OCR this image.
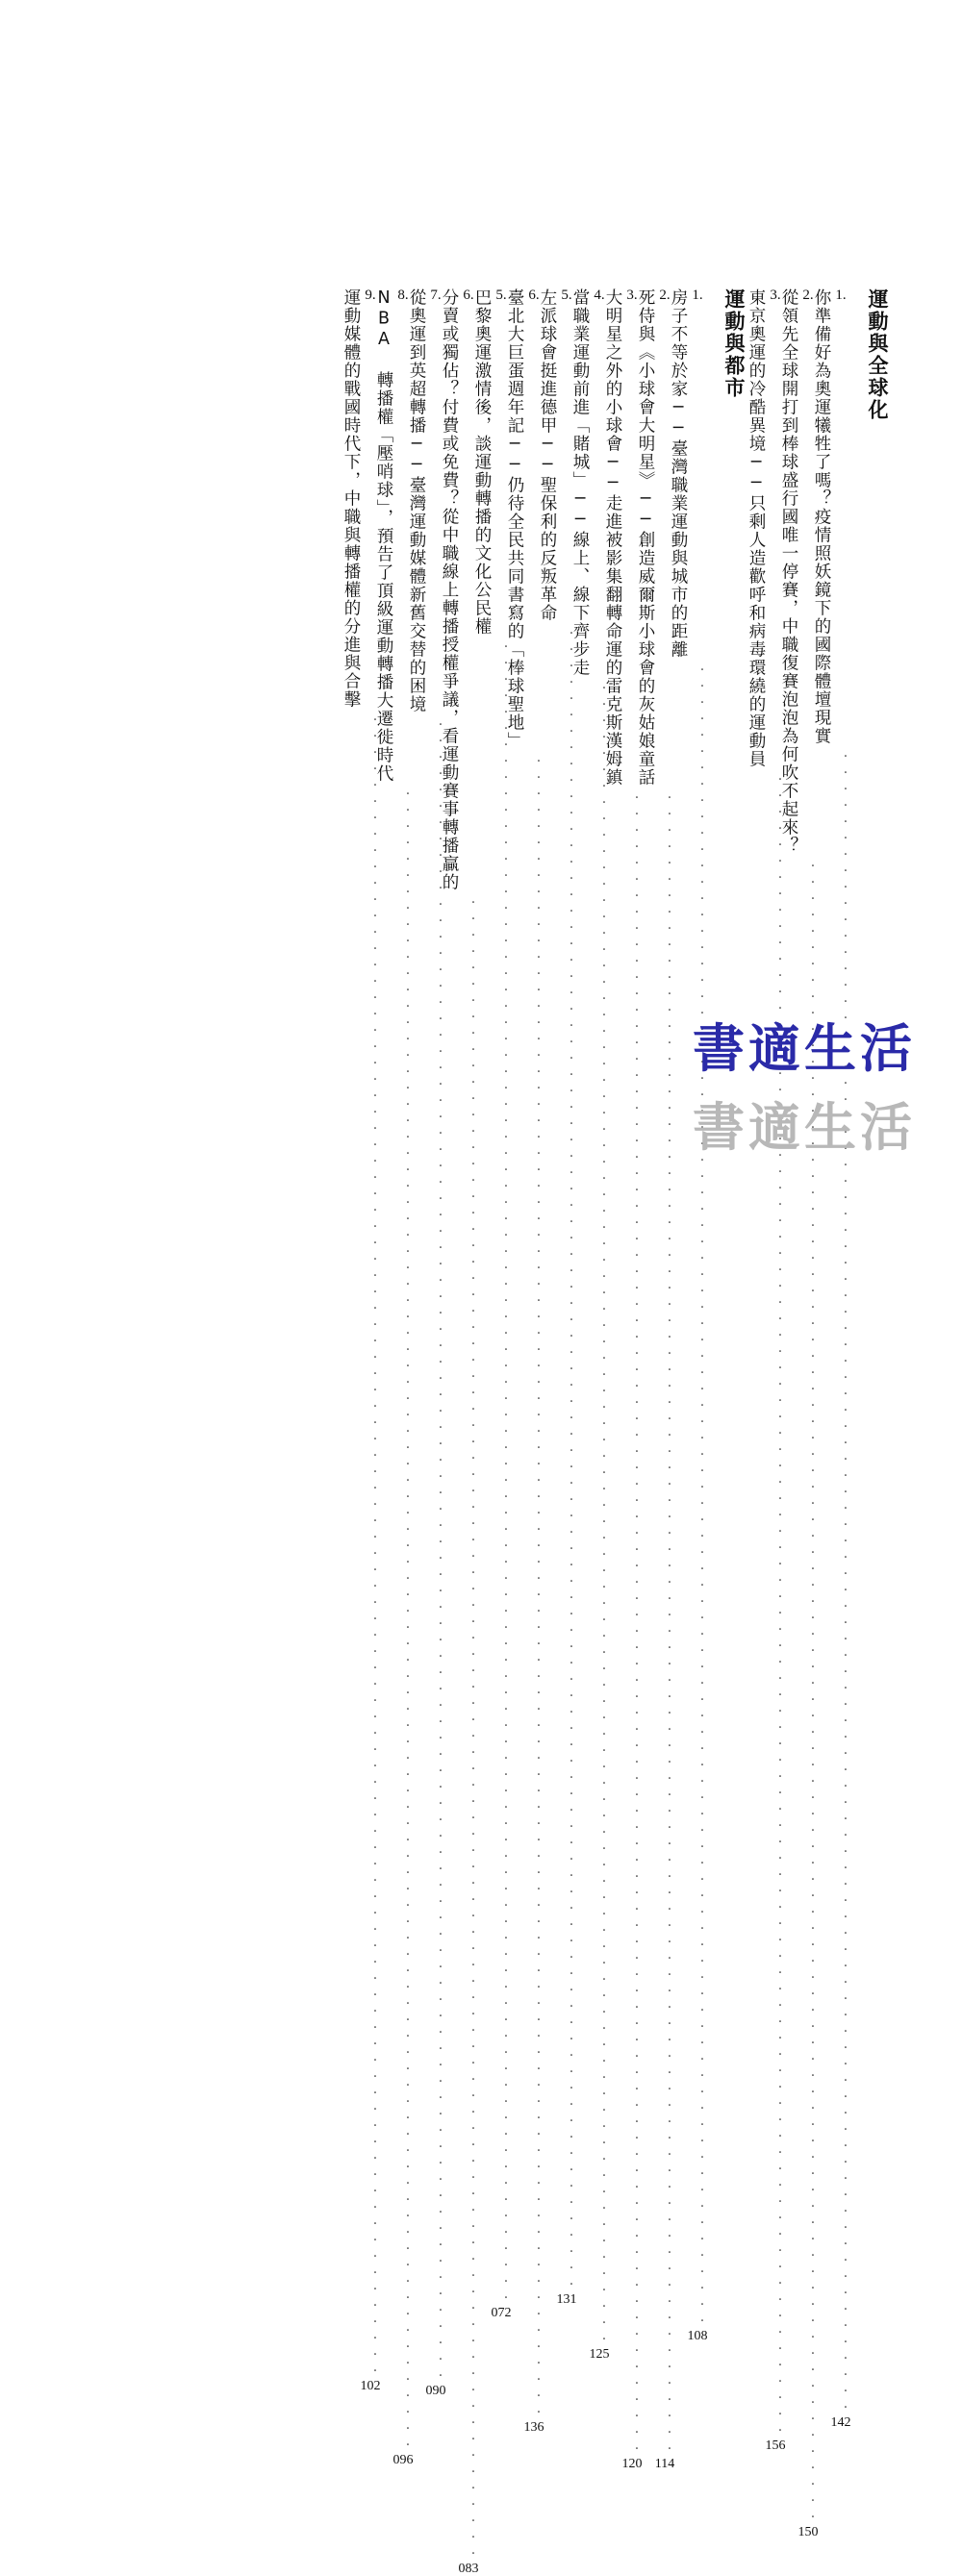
5.
巴黎奧運激情後，談運動轉播的文化公民權
......................................................................................................
072
6.
分賣或獨佔？付費或免費？從中職線上轉播授權爭議，看運動賽事轉播贏的
......................................................................................................
083
7.
從奧運到英超轉播──臺灣運動媒體新舊交替的困境
......................................................................................................
090
8.
NBA 轉播權「壓哨球」，預告了頂級運動轉播大遷徙時代
......................................................................................................
096
9.
運動媒體的戰國時代下，中職與轉播權的分進與合擊
......................................................................................................
102
運動與都市
1.
房子不等於家──臺灣職業運動與城市的距離
......................................................................................................
108
2.
死侍與《小球會大明星》──創造威爾斯小球會的灰姑娘童話
......................................................................................................
114
3.
大明星之外的小球會──走進被影集翻轉命運的雷克斯漢姆鎮
......................................................................................................
120
4.
當職業運動前進「賭城」──線上、線下齊步走
......................................................................................................
125
5.
左派球會挺進德甲──聖保利的反叛革命
......................................................................................................
131
6.
臺北大巨蛋週年記──仍待全民共同書寫的「棒球聖地」
......................................................................................................
136
運動與全球化
1.
你準備好為奧運犧牲了嗎？疫情照妖鏡下的國際體壇現實
......................................................................................................
142
2.
從領先全球開打到棒球盛行國唯一停賽，中職復賽泡泡為何吹不起來？
......................................................................................................
150
3.
東京奧運的冷酷異境──只剩人造歡呼和病毒環繞的運動員
......................................................................................................
156
書適生活
書適生活
